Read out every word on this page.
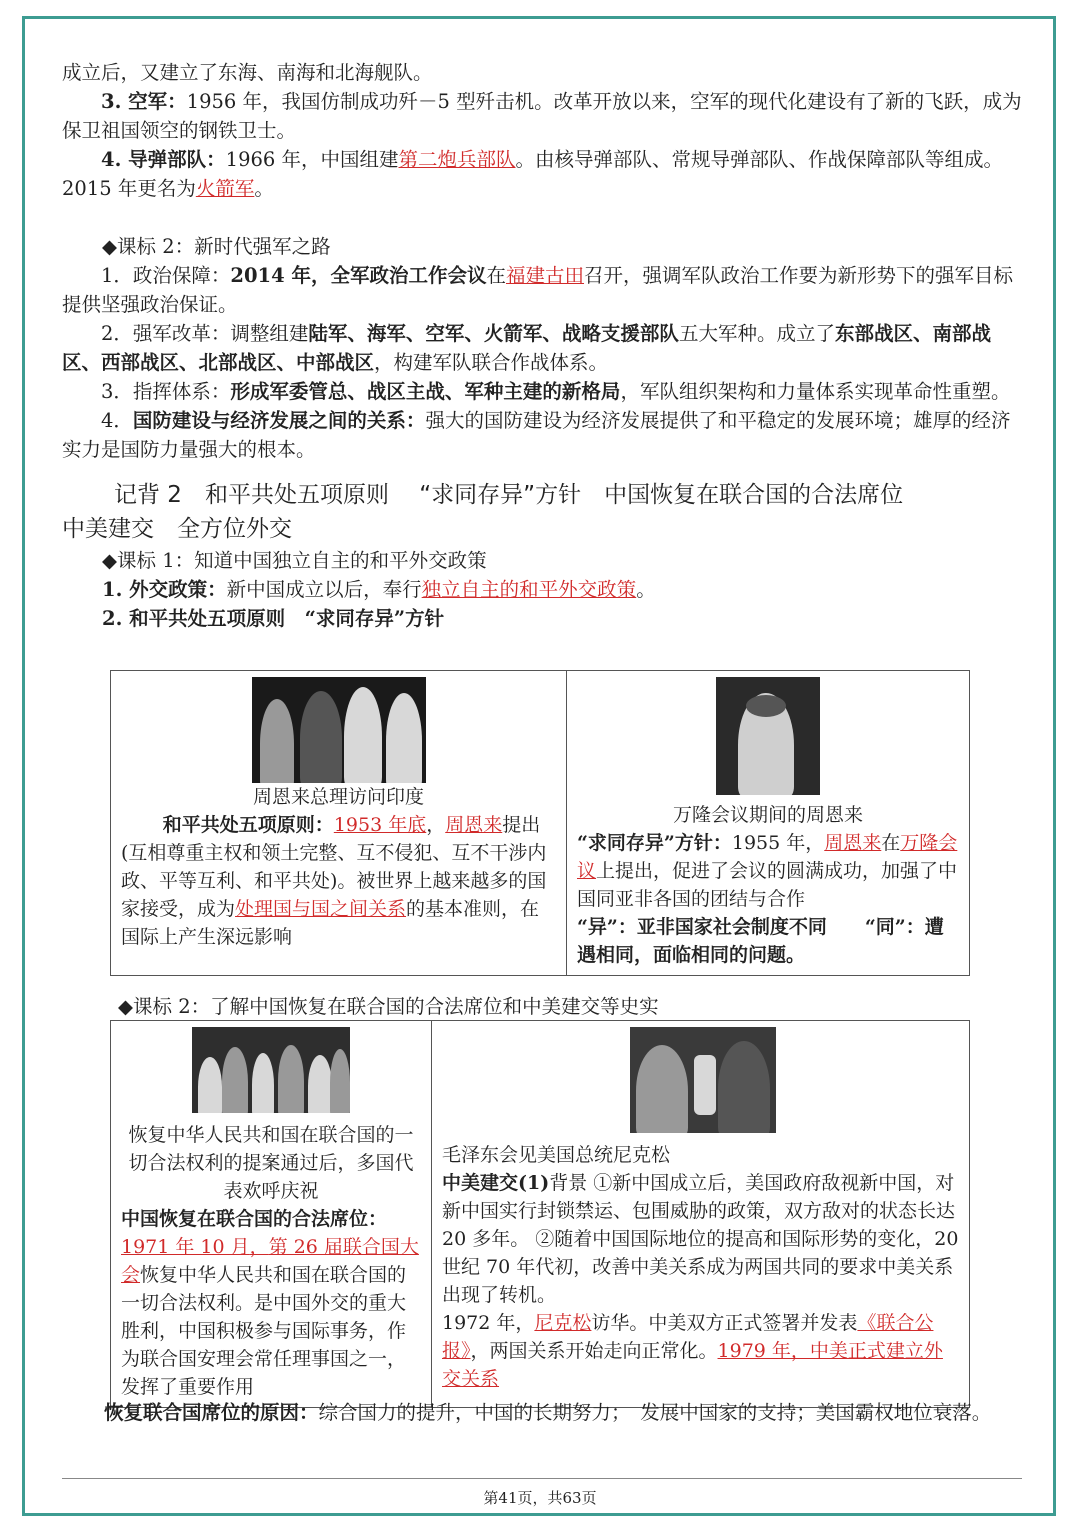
成立后，又建立了东海、南海和北海舰队。

3. 空军：1956 年，我国仿制成功歼－5 型歼击机。改革开放以来，空军的现代化建设有了新的飞跃，成为保卫祖国领空的钢铁卫士。

4. 导弹部队：1966 年，中国组建第二炮兵部队。由核导弹部队、常规导弹部队、作战保障部队等组成。2015 年更名为火箭军。

◆课标 2：新时代强军之路

1．政治保障：2014 年，全军政治工作会议在福建古田召开，强调军队政治工作要为新形势下的强军目标提供坚强政治保证。

2．强军改革：调整组建陆军、海军、空军、火箭军、战略支援部队五大军种。成立了东部战区、南部战区、西部战区、北部战区、中部战区，构建军队联合作战体系。

3．指挥体系：形成军委管总、战区主战、军种主建的新格局，军队组织架构和力量体系实现革命性重塑。

4．国防建设与经济发展之间的关系：强大的国防建设为经济发展提供了和平稳定的发展环境；雄厚的经济实力是国防力量强大的根本。

记背 2　和平共处五项原则　 “求同存异”方针　中国恢复在联合国的合法席位
中美建交　全方位外交

◆课标 1：知道中国独立自主的和平外交政策

1. 外交政策：新中国成立以后，奉行独立自主的和平外交政策。

2. 和平共处五项原则　“求同存异”方针

周恩来总理访问印度
和平共处五项原则：1953 年底，周恩来提出(互相尊重主权和领土完整、互不侵犯、互不干涉内政、平等互利、和平共处)。被世界上越来越多的国家接受，成为处理国与国之间关系的基本准则，在国际上产生深远影响

万隆会议期间的周恩来
“求同存异”方针：1955 年，周恩来在万隆会议上提出，促进了会议的圆满成功，加强了中国同亚非各国的团结与合作
“异”：亚非国家社会制度不同　　“同”：遭遇相同，面临相同的问题。
◆课标 2：了解中国恢复在联合国的合法席位和中美建交等史实
恢复中华人民共和国在联合国的一切合法权利的提案通过后，多国代表欢呼庆祝
中国恢复在联合国的合法席位：
1971 年 10 月，第 26 届联合国大会恢复中华人民共和国在联合国的一切合法权利。是中国外交的重大胜利，中国积极参与国际事务，作为联合国安理会常任理事国之一，发挥了重要作用

毛泽东会见美国总统尼克松
中美建交(1)背景 ①新中国成立后，美国政府敌视新中国，对新中国实行封锁禁运、包围威胁的政策，双方敌对的状态长达 20 多年。 ②随着中国国际地位的提高和国际形势的变化，20 世纪 70 年代初，改善中美关系成为两国共同的要求中美关系出现了转机。
1972 年，尼克松访华。中美双方正式签署并发表《联合公报》，两国关系开始走向正常化。1979 年，中美正式建立外交关系
恢复联合国席位的原因：综合国力的提升，中国的长期努力；　发展中国家的支持；美国霸权地位衰落。
第41页，共63页
